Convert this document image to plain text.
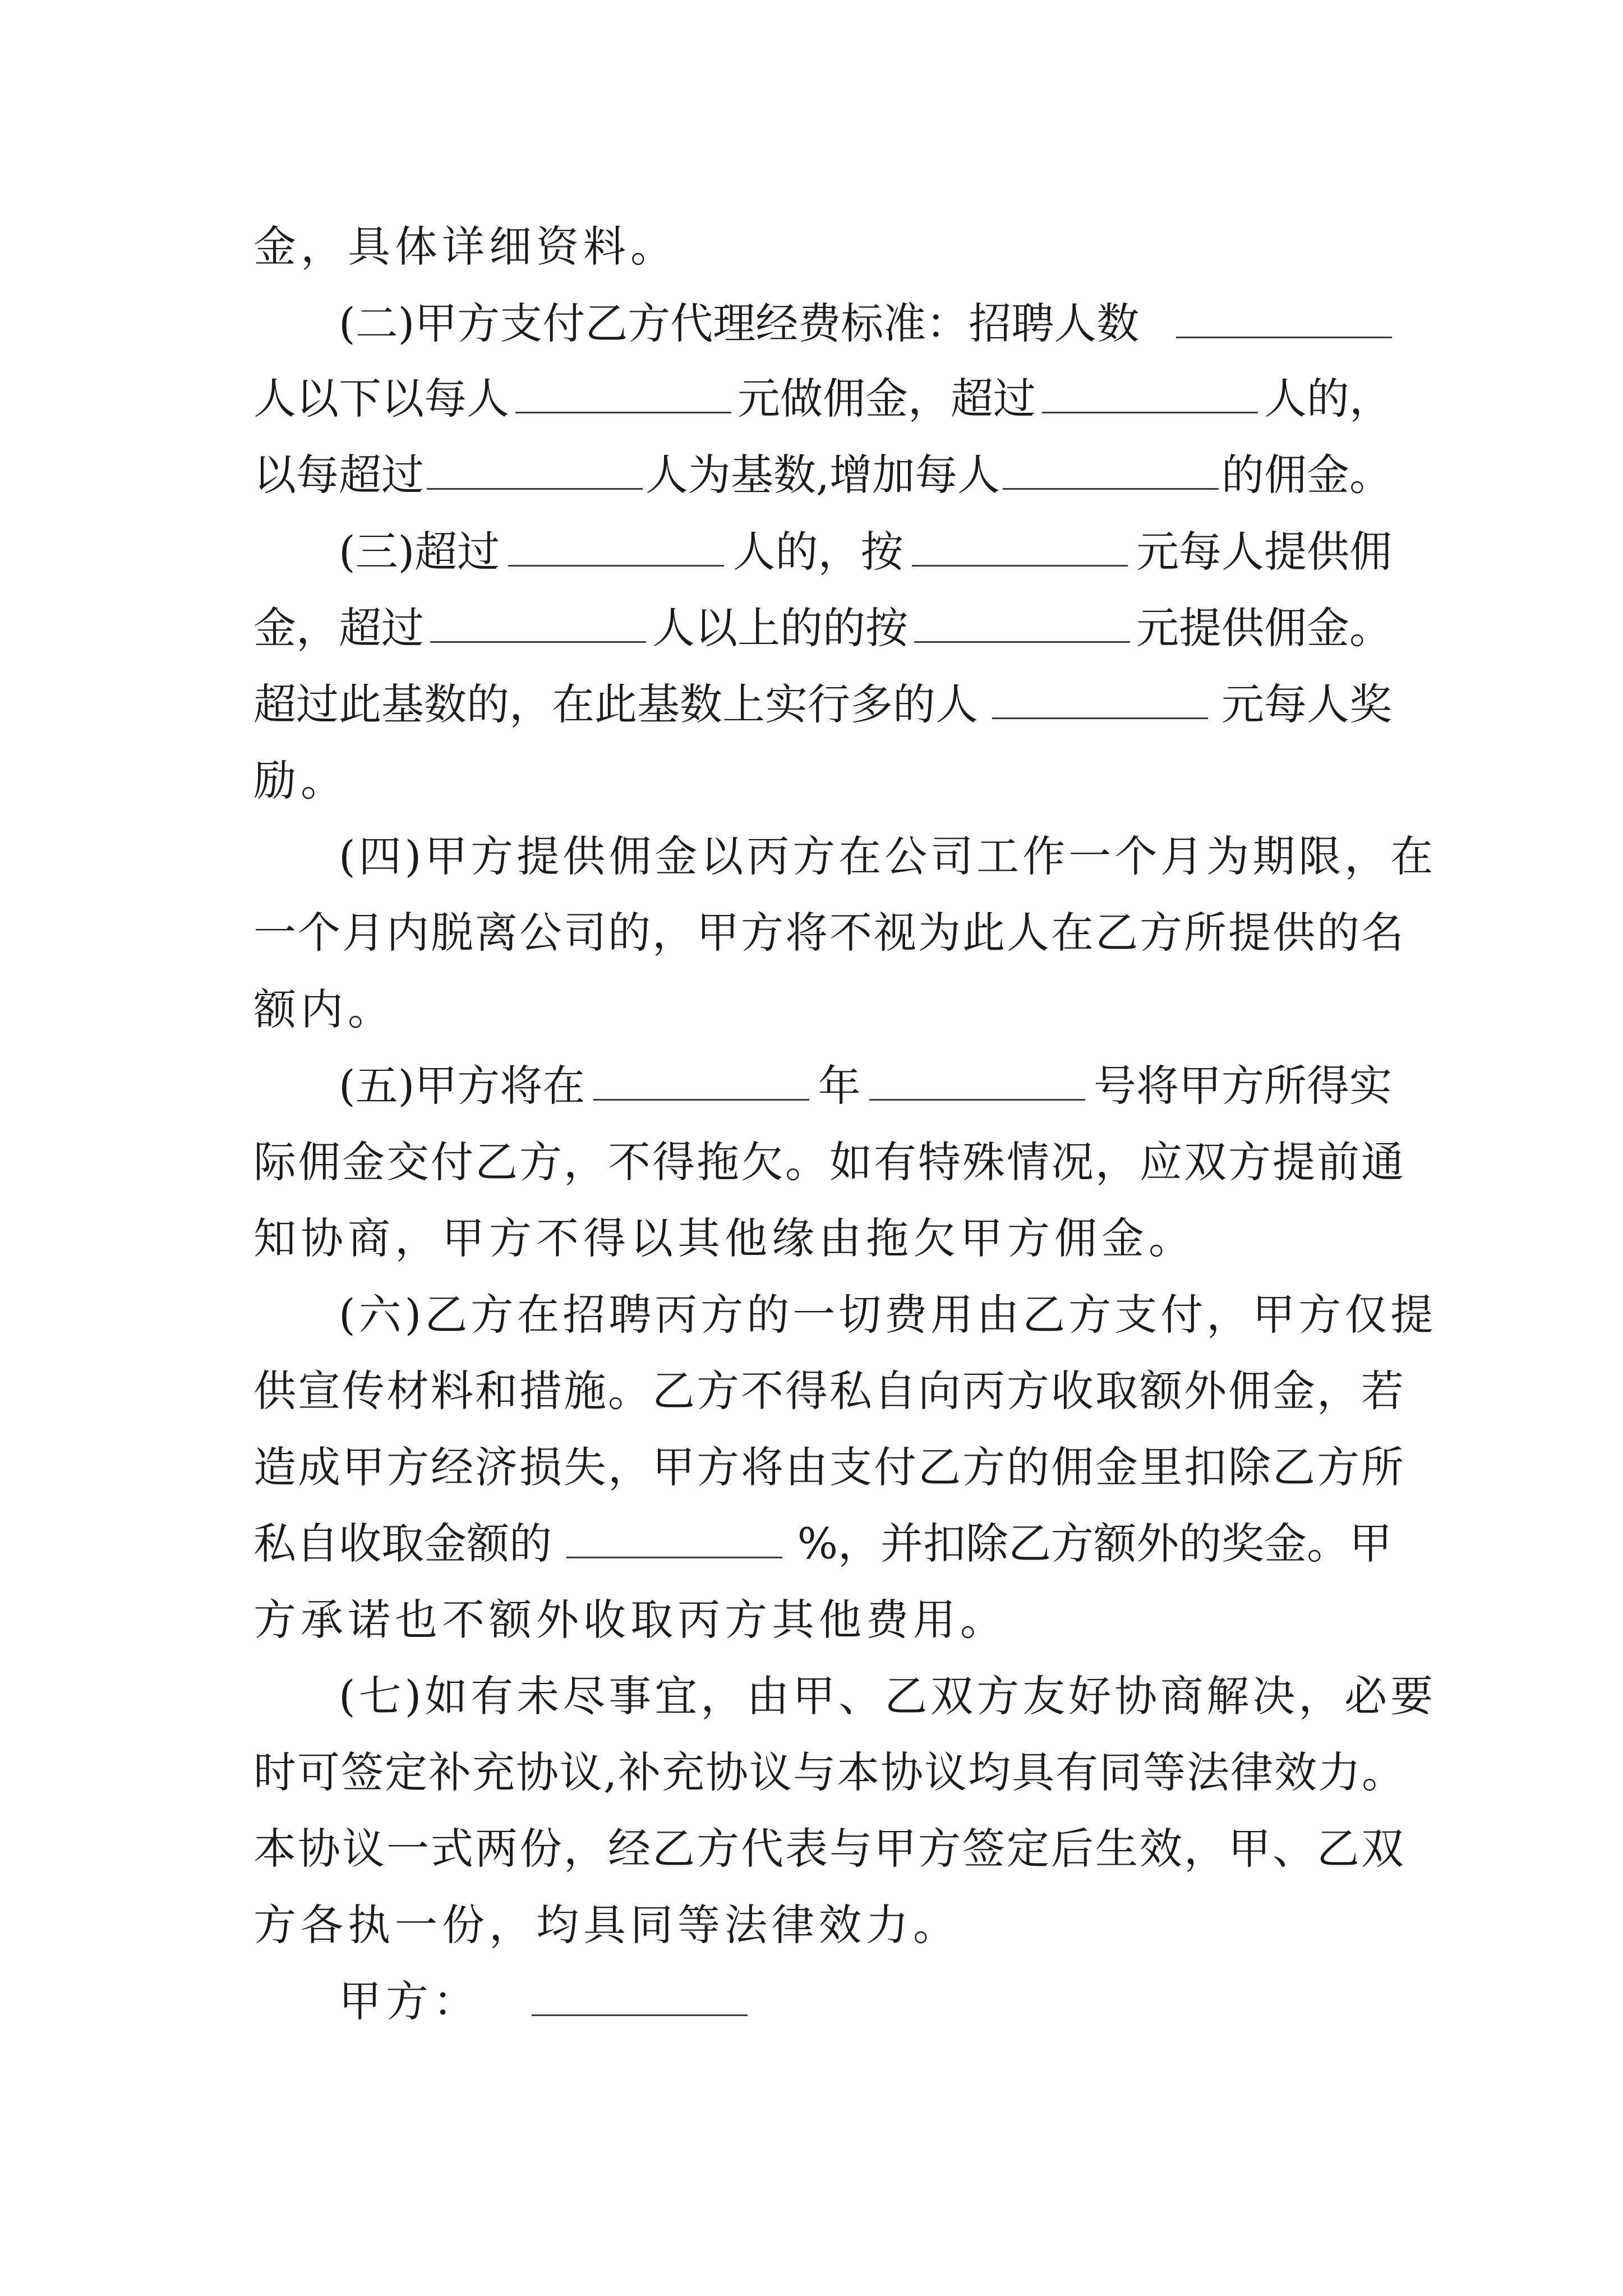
金，具体详细资料。
(二)甲方支付乙方代理经费标准：招聘人数
人以下以每人	元做佣金，超过	人的，
以每超过	人为基数,增加每人	的佣金。
(三)超过	人的，按	元每人提供佣
金，超过	人以上的的按	元提供佣金。
超过此基数的，在此基数上实行多的人	元每人奖
励。
(四)甲方提供佣金以丙方在公司工作一个月为期限，在
一个月内脱离公司的，甲方将不视为此人在乙方所提供的名
额内。
(五)甲方将在	年	号将甲方所得实
际佣金交付乙方，不得拖欠。如有特殊情况，应双方提前通
知协商，甲方不得以其他缘由拖欠甲方佣金。
(六)乙方在招聘丙方的一切费用由乙方支付，甲方仅提
供宣传材料和措施。乙方不得私自向丙方收取额外佣金，若
造成甲方经济损失，甲方将由支付乙方的佣金里扣除乙方所
私自收取金额的	%，并扣除乙方额外的奖金。甲
方承诺也不额外收取丙方其他费用。
(七)如有未尽事宜，由甲、乙双方友好协商解决，必要
时可签定补充协议,补充协议与本协议均具有同等法律效力。
本协议一式两份，经乙方代表与甲方签定后生效，甲、乙双
方各执一份，均具同等法律效力。
甲方：
